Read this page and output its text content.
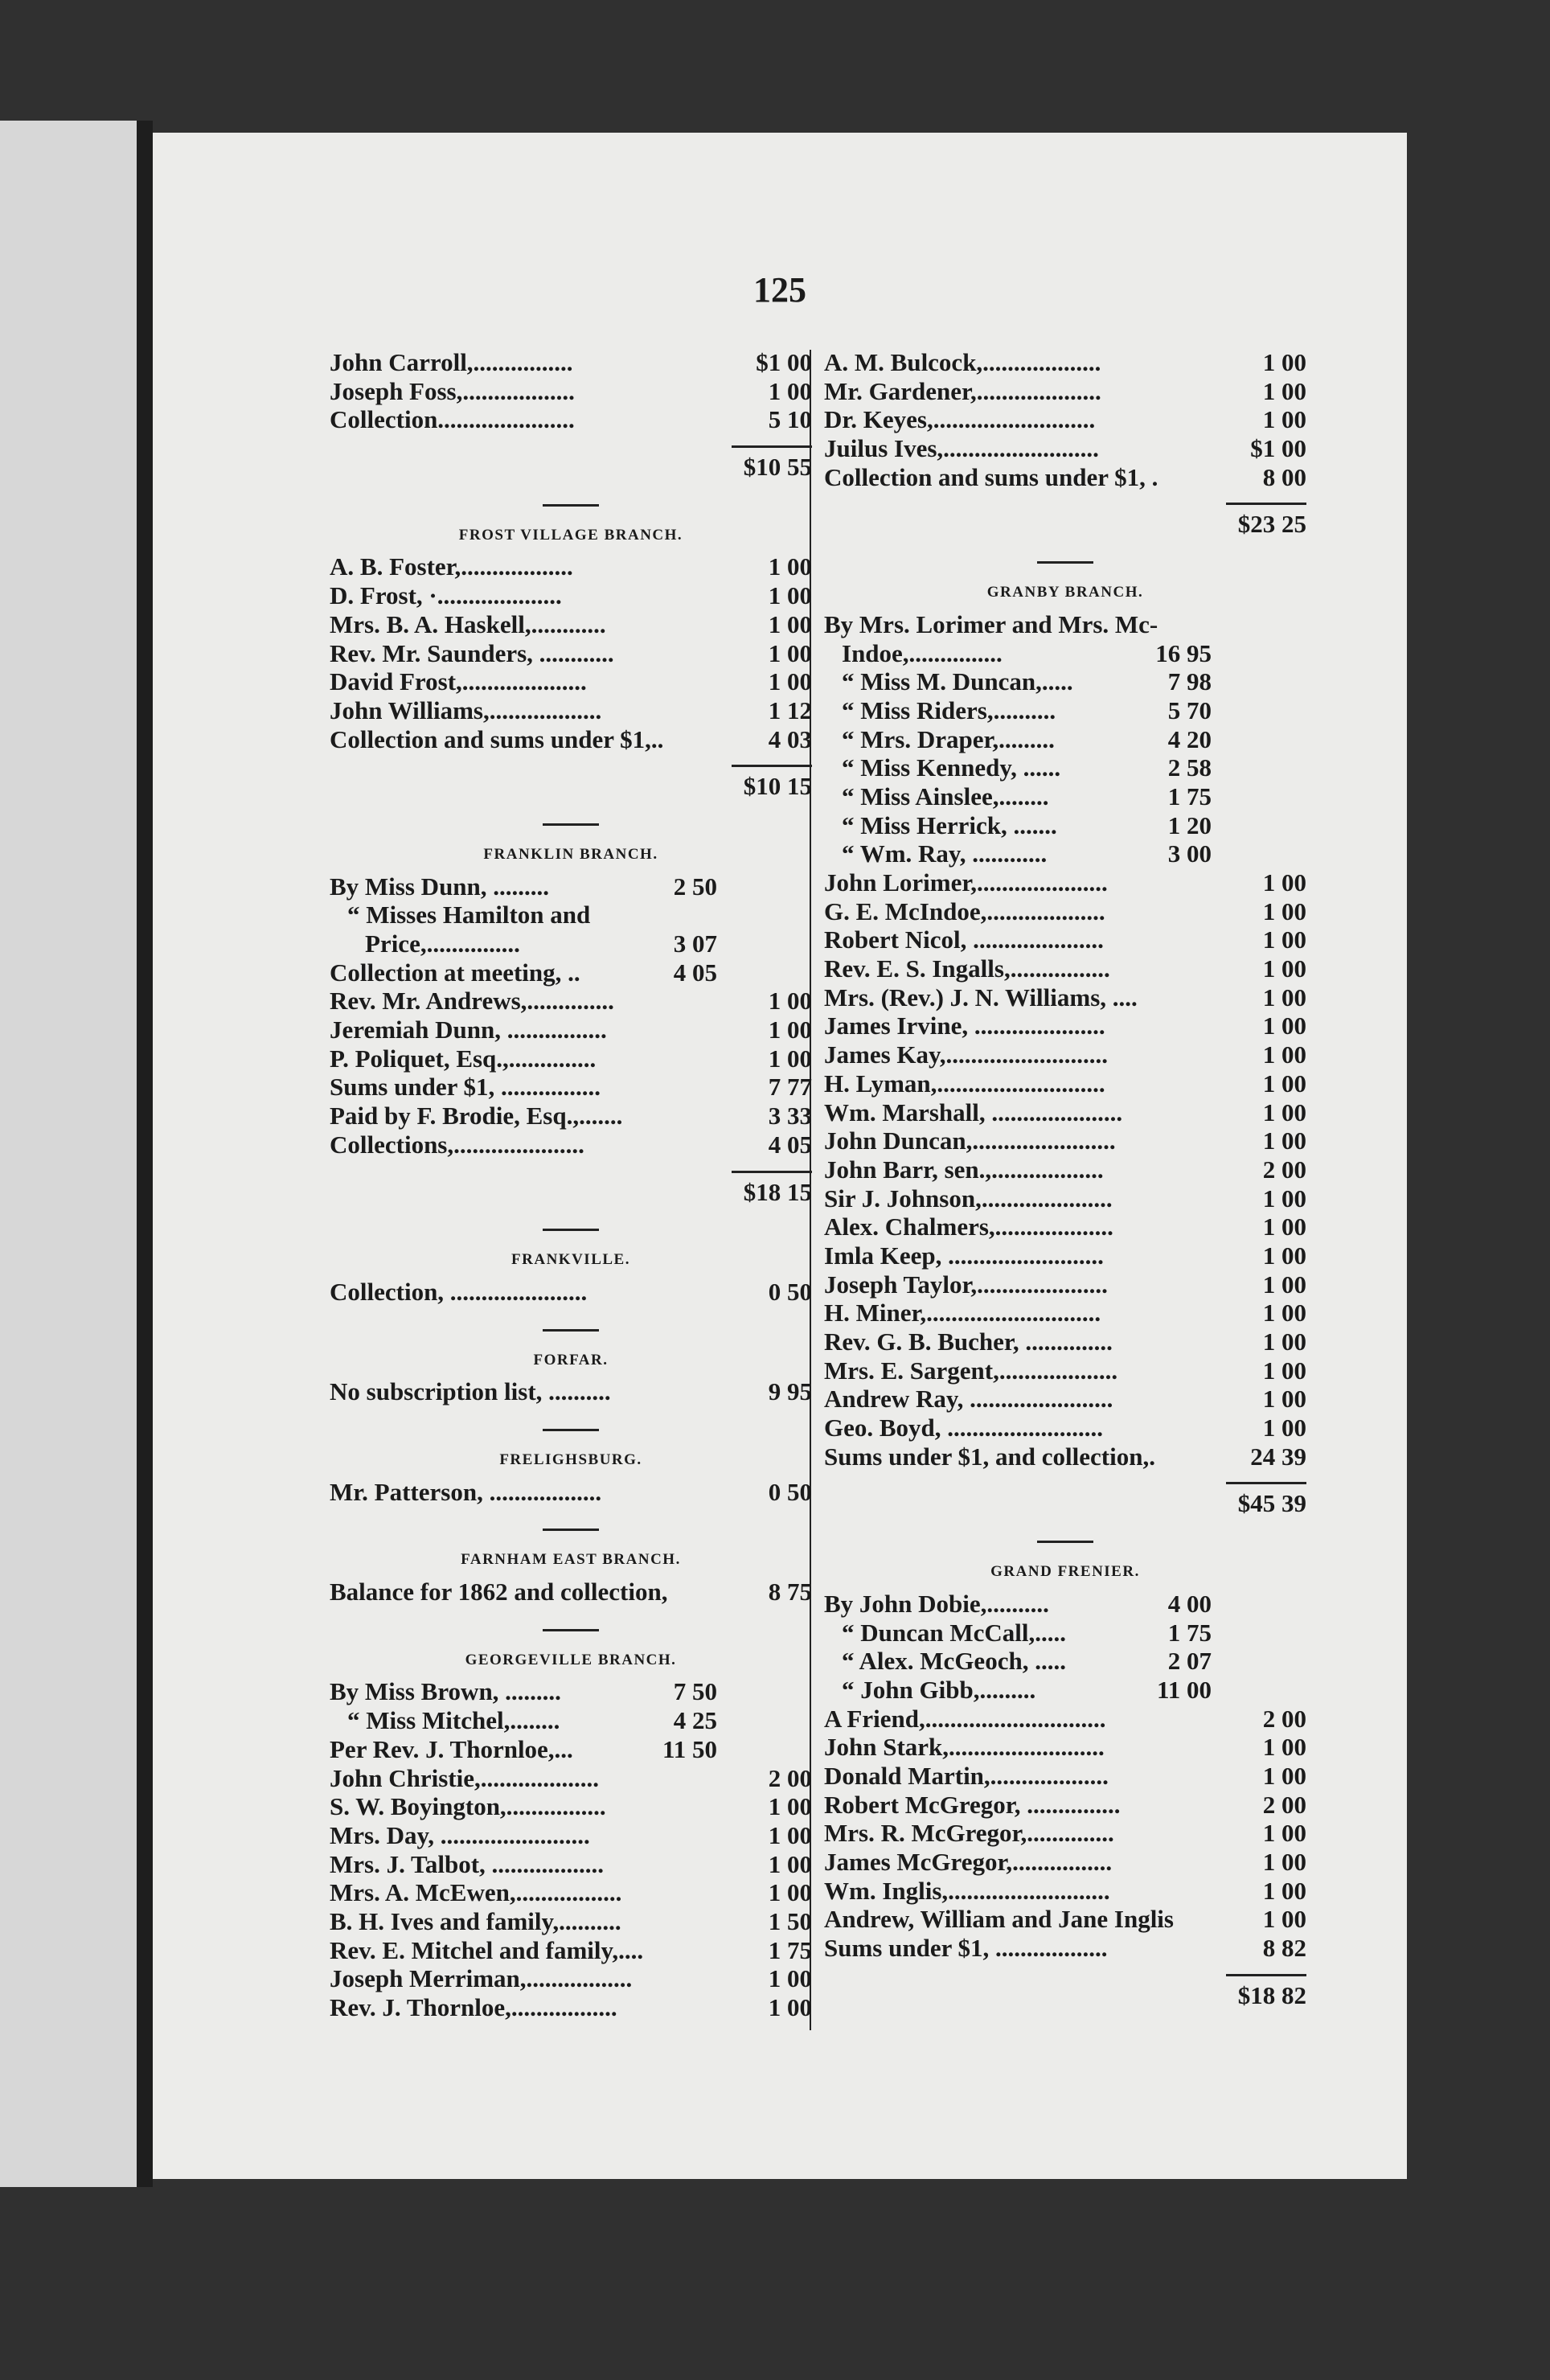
125
John Carroll,................	$1 00
Joseph Foss,..................	1 00
Collection......................	5 10
$10 55
FROST VILLAGE BRANCH.
A. B. Foster,..................	1 00
D. Frost, ·....................	1 00
Mrs. B. A. Haskell,............	1 00
Rev. Mr. Saunders, ............	1 00
David Frost,....................	1 00
John Williams,..................	1 12
Collection and sums under $1,..	4 03
$10 15
FRANKLIN BRANCH.
By Miss Dunn, .........	2 50
“ Misses Hamilton and
Price,...............	3 07
Collection at meeting, ..	4 05
Rev. Mr. Andrews,..............	1 00
Jeremiah Dunn, ................	1 00
P. Poliquet, Esq.,..............	1 00
Sums under $1, ................	7 77
Paid by F. Brodie, Esq.,.......	3 33
Collections,.....................	4 05
$18 15
FRANKVILLE.
Collection, ......................	0 50
FORFAR.
No subscription list, ..........	9 95
FRELIGHSBURG.
Mr. Patterson, ..................	0 50
FARNHAM EAST BRANCH.
Balance for 1862 and collection,	8 75
GEORGEVILLE BRANCH.
By Miss Brown, .........	7 50
“ Miss Mitchel,........	4 25
Per Rev. J. Thornloe,...	11 50
John Christie,...................	2 00
S. W. Boyington,................	1 00
Mrs. Day, ........................	1 00
Mrs. J. Talbot, ..................	1 00
Mrs. A. McEwen,.................	1 00
B. H. Ives and family,..........	1 50
Rev. E. Mitchel and family,....	1 75
Joseph Merriman,.................	1 00
Rev. J. Thornloe,.................	1 00
A. M. Bulcock,...................	1 00
Mr. Gardener,....................	1 00
Dr. Keyes,..........................	1 00
Juilus Ives,.........................	$1 00
Collection and sums under $1, .	8 00
$23 25
GRANBY BRANCH.
By Mrs. Lorimer and Mrs. Mc-
Indoe,...............	16 95
“ Miss M. Duncan,.....	7 98
“ Miss Riders,..........	5 70
“ Mrs. Draper,.........	4 20
“ Miss Kennedy, ......	2 58
“ Miss Ainslee,........	1 75
“ Miss Herrick, .......	1 20
“ Wm. Ray, ............	3 00
John Lorimer,.....................	1 00
G. E. McIndoe,...................	1 00
Robert Nicol, .....................	1 00
Rev. E. S. Ingalls,................	1 00
Mrs. (Rev.) J. N. Williams, ....	1 00
James Irvine, .....................	1 00
James Kay,..........................	1 00
H. Lyman,...........................	1 00
Wm. Marshall, .....................	1 00
John Duncan,.......................	1 00
John Barr, sen.,..................	2 00
Sir J. Johnson,.....................	1 00
Alex. Chalmers,...................	1 00
Imla Keep, .........................	1 00
Joseph Taylor,.....................	1 00
H. Miner,............................	1 00
Rev. G. B. Bucher, ..............	1 00
Mrs. E. Sargent,...................	1 00
Andrew Ray, .......................	1 00
Geo. Boyd, .........................	1 00
Sums under $1, and collection,.	24 39
$45 39
GRAND FRENIER.
By John Dobie,..........	4 00
“ Duncan McCall,.....	1 75
“ Alex. McGeoch, .....	2 07
“ John Gibb,.........	11 00
A Friend,.............................	2 00
John Stark,.........................	1 00
Donald Martin,...................	1 00
Robert McGregor, ...............	2 00
Mrs. R. McGregor,..............	1 00
James McGregor,................	1 00
Wm. Inglis,..........................	1 00
Andrew, William and Jane Inglis	1 00
Sums under $1, ..................	8 82
$18 82
